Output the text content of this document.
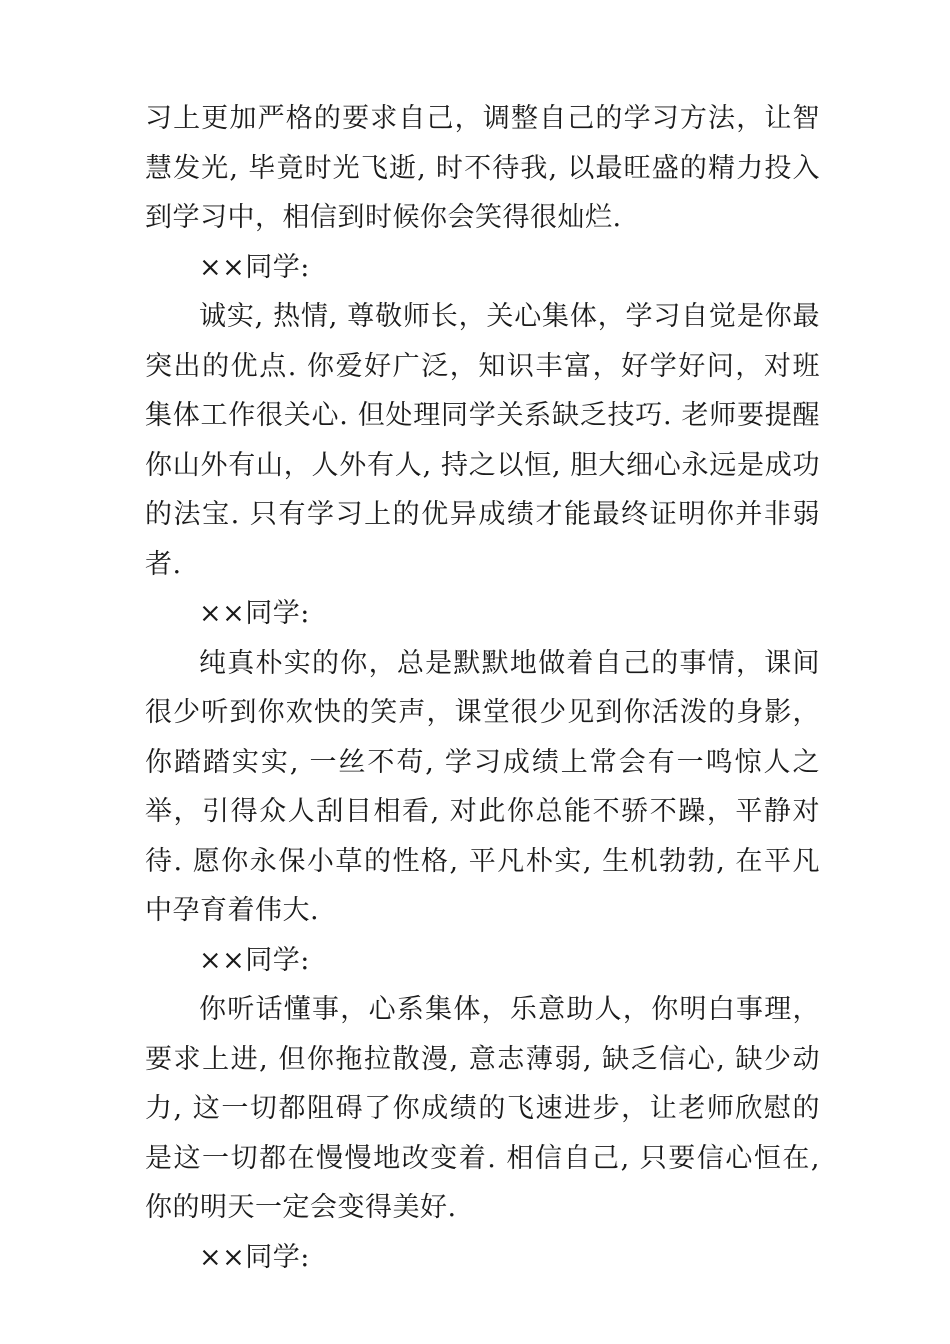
习上更加严格的要求自己，调整自己的学习方法，让智慧发光, 毕竟时光飞逝, 时不待我, 以最旺盛的精力投入到学习中，相信到时候你会笑得很灿烂.

××同学:

诚实, 热情, 尊敬师长，关心集体，学习自觉是你最突出的优点. 你爱好广泛，知识丰富，好学好问，对班集体工作很关心. 但处理同学关系缺乏技巧. 老师要提醒你山外有山，人外有人, 持之以恒, 胆大细心永远是成功的法宝. 只有学习上的优异成绩才能最终证明你并非弱者.

××同学:

纯真朴实的你，总是默默地做着自己的事情，课间很少听到你欢快的笑声，课堂很少见到你活泼的身影，你踏踏实实, 一丝不苟, 学习成绩上常会有一鸣惊人之举，引得众人刮目相看, 对此你总能不骄不躁，平静对待. 愿你永保小草的性格, 平凡朴实, 生机勃勃, 在平凡中孕育着伟大.

××同学:

你听话懂事，心系集体，乐意助人，你明白事理，要求上进, 但你拖拉散漫, 意志薄弱, 缺乏信心, 缺少动力, 这一切都阻碍了你成绩的飞速进步，让老师欣慰的是这一切都在慢慢地改变着. 相信自己, 只要信心恒在, 你的明天一定会变得美好.

××同学:
